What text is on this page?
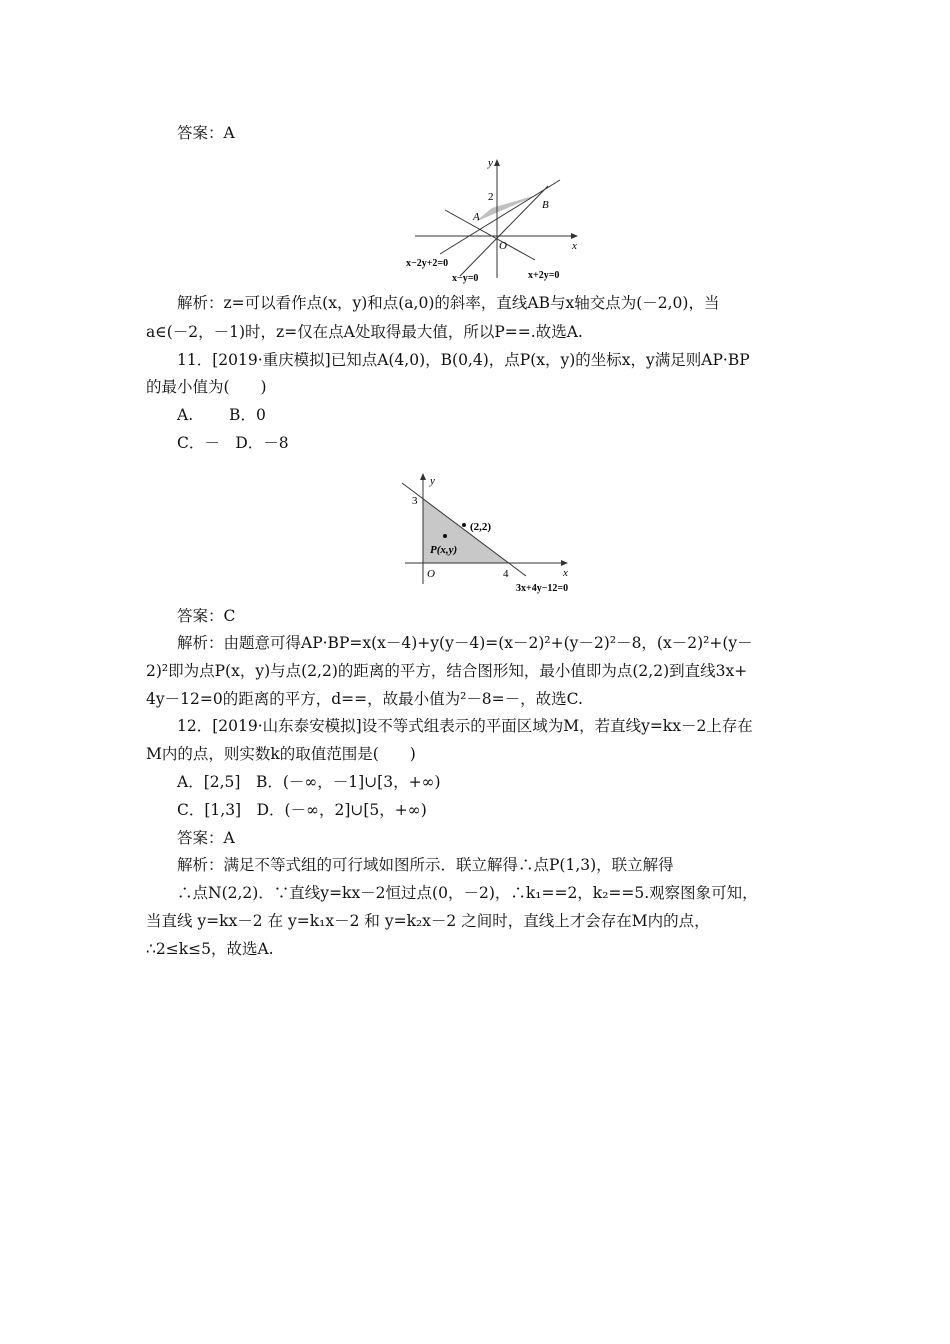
答案：A
y
x
2
A
B
O
x−2y+2=0
x−y=0	x+2y=0
解析：z=可以看作点(x，y)和点(a,0)的斜率，直线AB与x轴交点为(－2,0)，当
a∈(－2，－1)时，z=仅在点A处取得最大值，所以P==.故选A.
11．[2019·重庆模拟]已知点A(4,0)，B(0,4)，点P(x，y)的坐标x，y满足则AP·BP
的最小值为(　　)
A.　　 B．0
C．－　D．－8
y
x
3
4
O
(2,2)
P(x,y)
3x+4y−12=0
答案：C
解析：由题意可得AP·BP=x(x－4)+y(y－4)=(x－2)²+(y－2)²－8，(x－2)²+(y－
2)²即为点P(x，y)与点(2,2)的距离的平方，结合图形知，最小值即为点(2,2)到直线3x+
4y－12=0的距离的平方，d==，故最小值为²－8=－，故选C.
12．[2019·山东泰安模拟]设不等式组表示的平面区域为M，若直线y=kx－2上存在
M内的点，则实数k的取值范围是(　　)
A．[2,5]　B．(－∞，－1]∪[3，+∞)
C．[1,3]　D．(－∞，2]∪[5，+∞)
答案：A
解析：满足不等式组的可行域如图所示．联立解得∴点P(1,3)，联立解得
∴点N(2,2)．∵直线y=kx－2恒过点(0，－2)，∴k₁==2，k₂==5.观察图象可知，
当直线 y=kx－2 在 y=k₁x－2 和 y=k₂x－2 之间时，直线上才会存在M内的点，
∴2≤k≤5，故选A.
